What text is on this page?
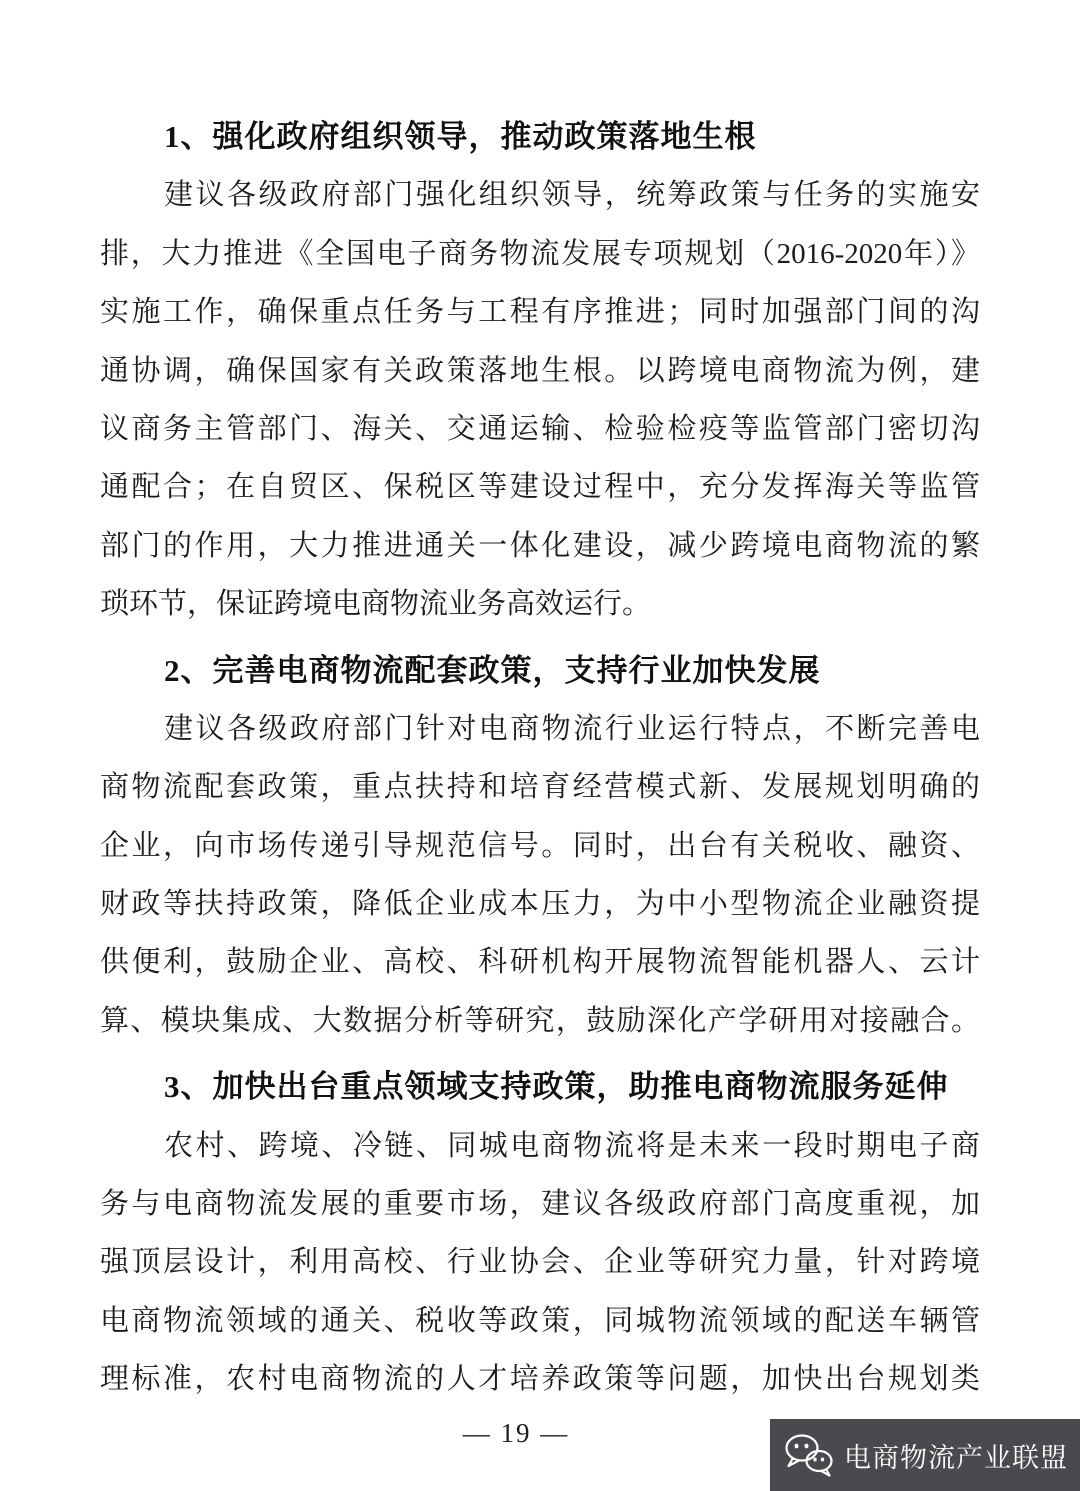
1、强化政府组织领导，推动政策落地生根
建议各级政府部门强化组织领导，统筹政策与任务的实施安
排，大力推进《全国电子商务物流发展专项规划（2016-2020年）》
实施工作，确保重点任务与工程有序推进；同时加强部门间的沟
通协调，确保国家有关政策落地生根。以跨境电商物流为例，建
议商务主管部门、海关、交通运输、检验检疫等监管部门密切沟
通配合；在自贸区、保税区等建设过程中，充分发挥海关等监管
部门的作用，大力推进通关一体化建设，减少跨境电商物流的繁
琐环节，保证跨境电商物流业务高效运行。
2、完善电商物流配套政策，支持行业加快发展
建议各级政府部门针对电商物流行业运行特点，不断完善电
商物流配套政策，重点扶持和培育经营模式新、发展规划明确的
企业，向市场传递引导规范信号。同时，出台有关税收、融资、
财政等扶持政策，降低企业成本压力，为中小型物流企业融资提
供便利，鼓励企业、高校、科研机构开展物流智能机器人、云计
算、模块集成、大数据分析等研究，鼓励深化产学研用对接融合。
3、加快出台重点领域支持政策，助推电商物流服务延伸
农村、跨境、冷链、同城电商物流将是未来一段时期电子商
务与电商物流发展的重要市场，建议各级政府部门高度重视，加
强顶层设计，利用高校、行业协会、企业等研究力量，针对跨境
电商物流领域的通关、税收等政策，同城物流领域的配送车辆管
理标准，农村电商物流的人才培养政策等问题，加快出台规划类
— 19 —
电商物流产业联盟
